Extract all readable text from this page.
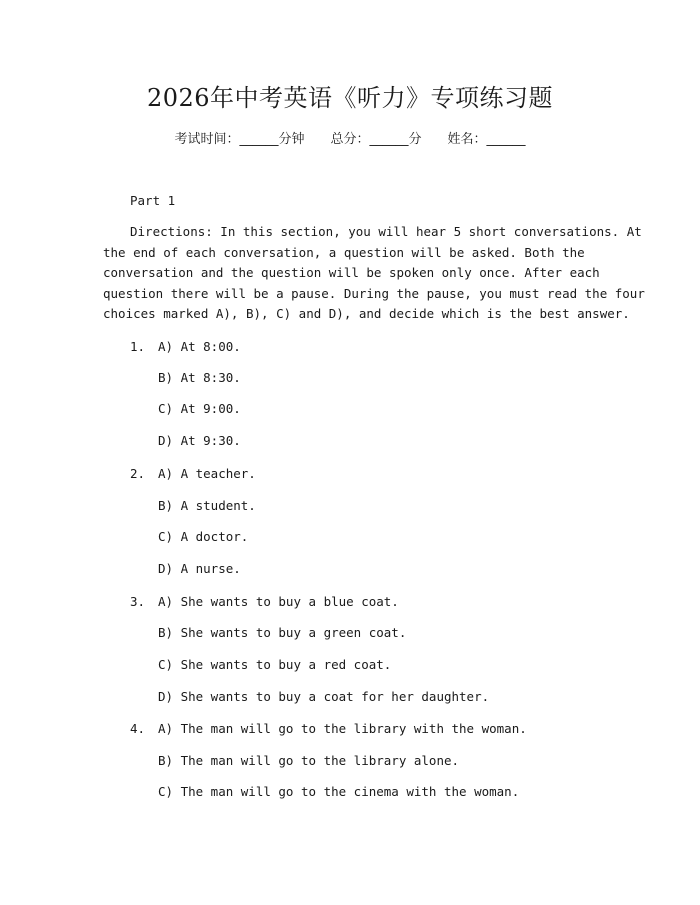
2026年中考英语《听力》专项练习题
考试时间：______分钟 总分：______分 姓名：______
Part 1
Directions: In this section, you will hear 5 short conversations. At
the end of each conversation, a question will be asked. Both the
conversation and the question will be spoken only once. After each
question there will be a pause. During the pause, you must read the four
choices marked A), B), C) and D), and decide which is the best answer.
1. A) At 8:00.
B) At 8:30.
C) At 9:00.
D) At 9:30.
2. A) A teacher.
B) A student.
C) A doctor.
D) A nurse.
3. A) She wants to buy a blue coat.
B) She wants to buy a green coat.
C) She wants to buy a red coat.
D) She wants to buy a coat for her daughter.
4. A) The man will go to the library with the woman.
B) The man will go to the library alone.
C) The man will go to the cinema with the woman.
